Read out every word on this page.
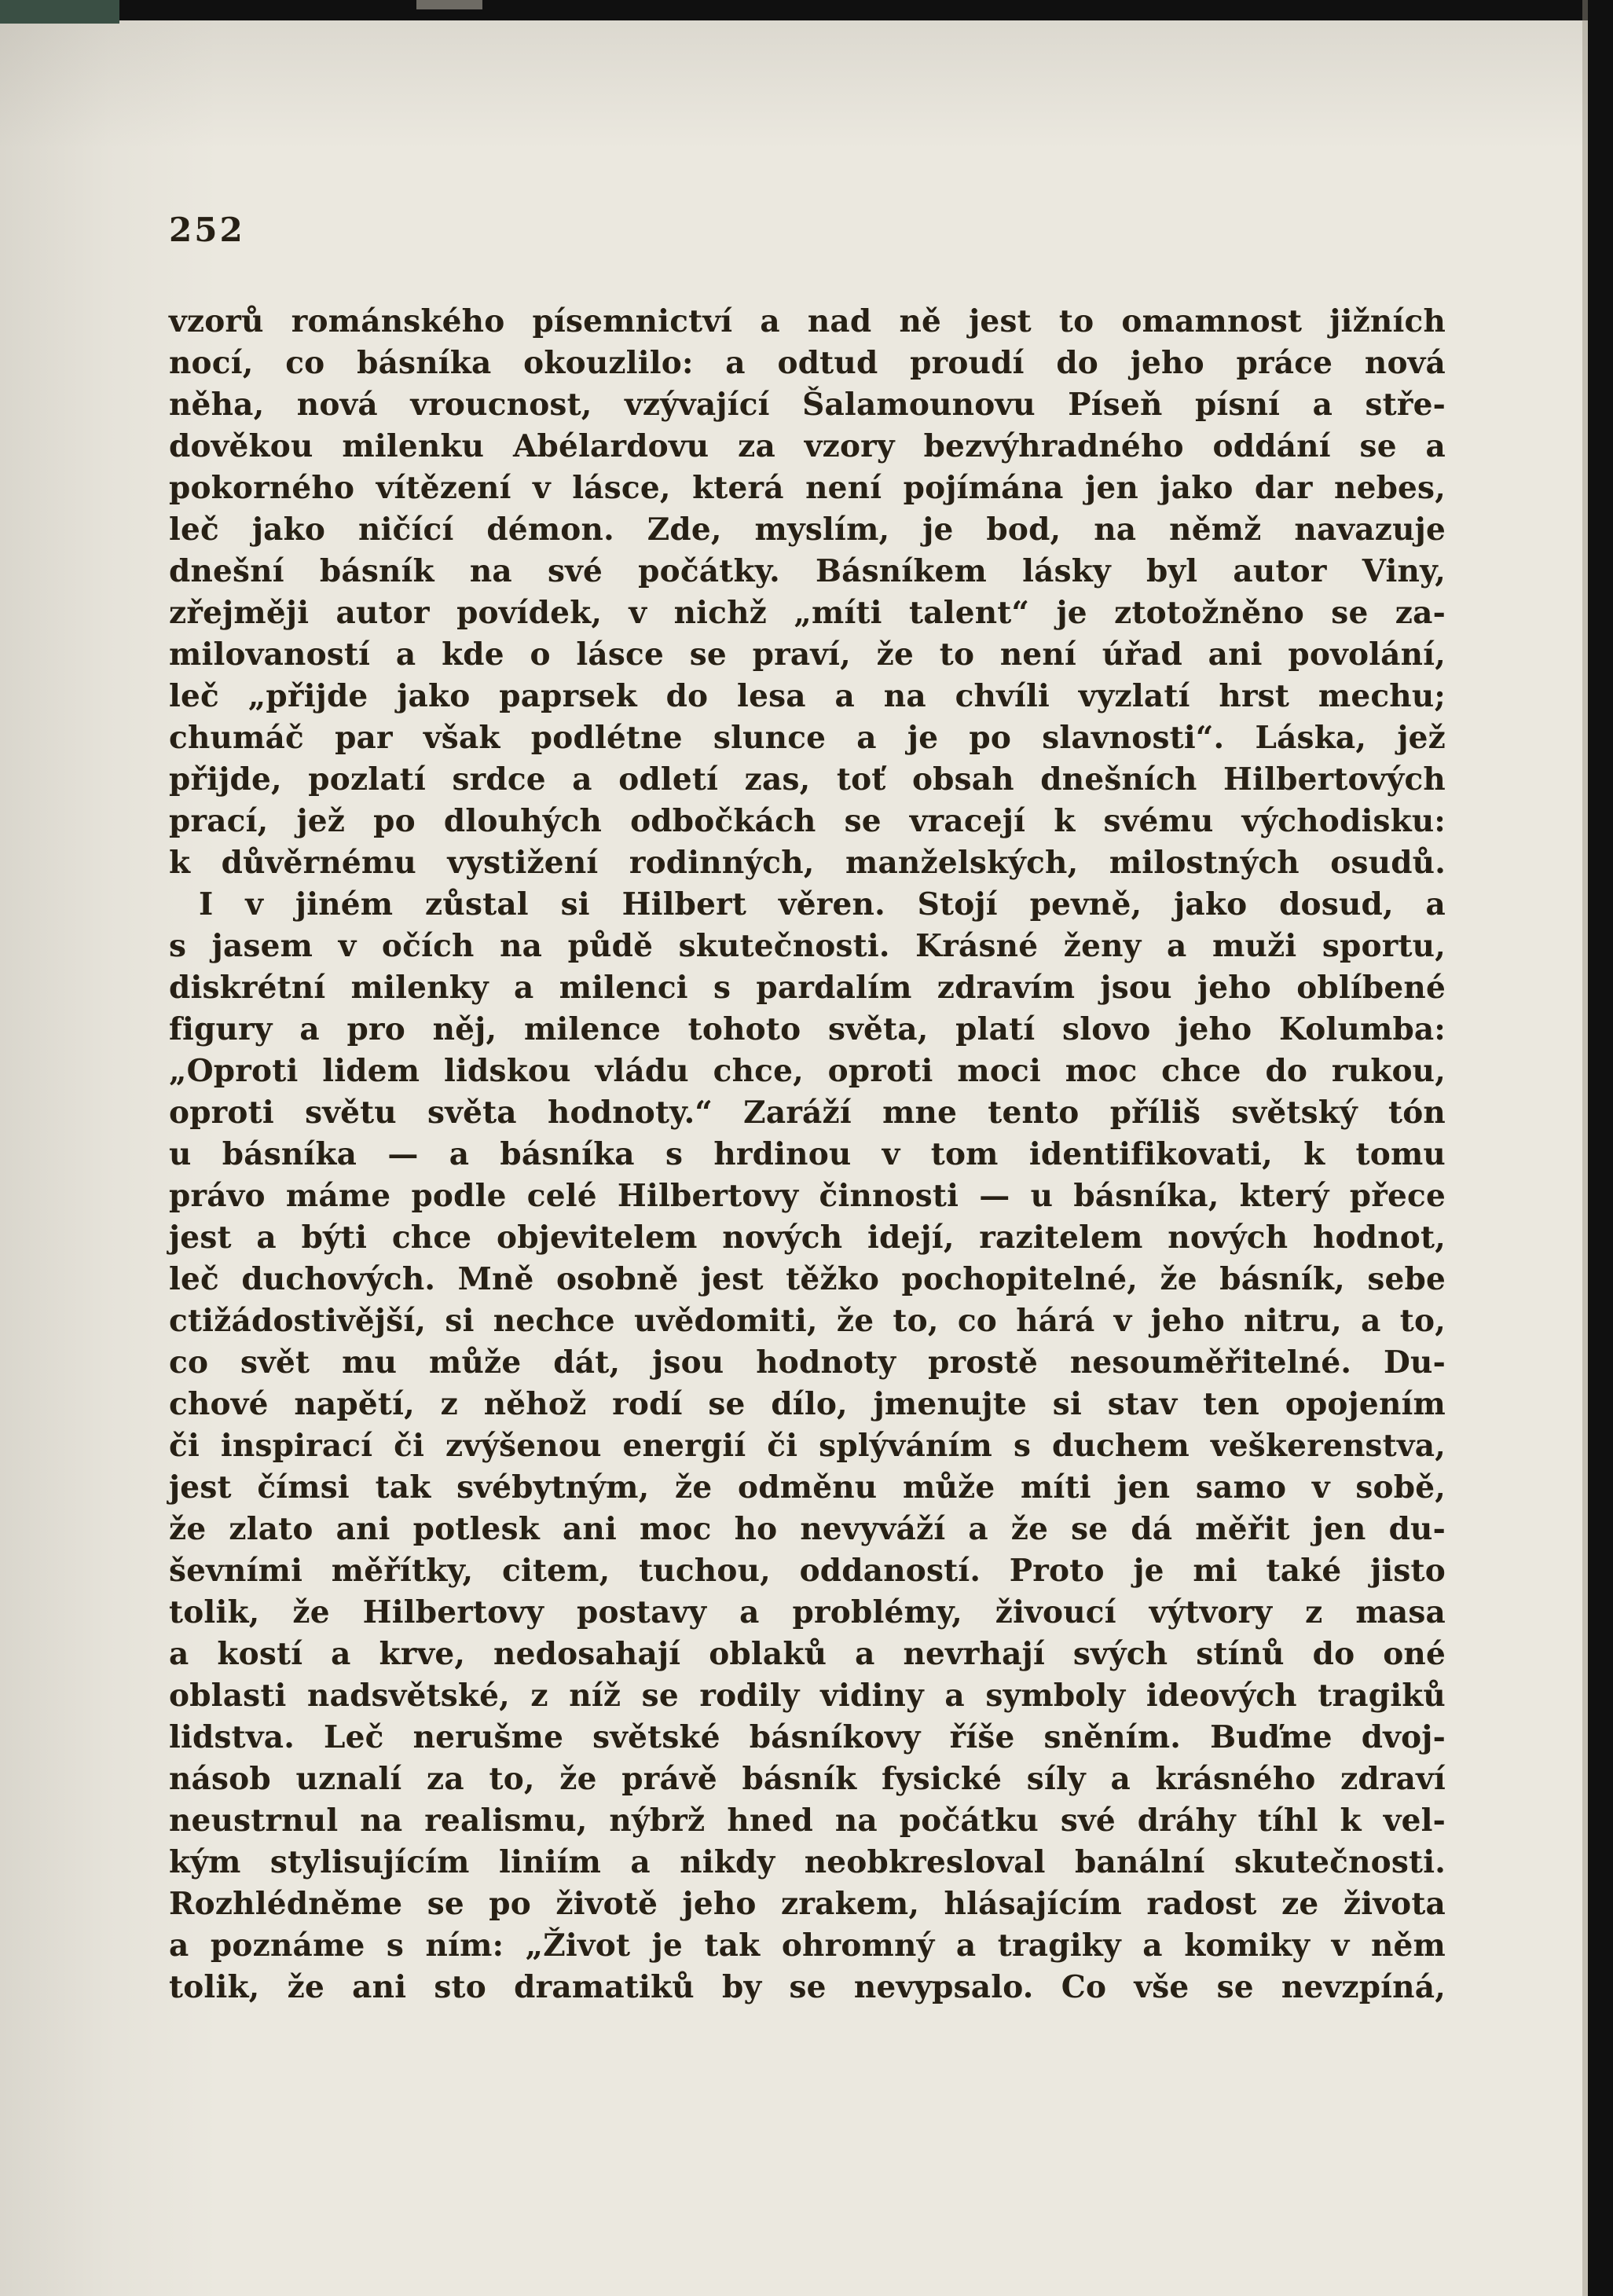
252
vzorů románského písemnictví a nad ně jest to omamnost jižních
nocí, co básníka okouzlilo: a odtud proudí do jeho práce nová
něha, nová vroucnost, vzývající Šalamounovu Píseň písní a stře-
dověkou milenku Abélardovu za vzory bezvýhradného oddání se a
pokorného vítězení v lásce, která není pojímána jen jako dar nebes,
leč jako ničící démon. Zde, myslím, je bod, na němž navazuje
dnešní básník na své počátky. Básníkem lásky byl autor Viny,
zřejměji autor povídek, v nichž „míti talent“ je ztotožněno se za-
milovaností a kde o lásce se praví, že to není úřad ani povolání,
leč „přijde jako paprsek do lesa a na chvíli vyzlatí hrst mechu;
chumáč par však podlétne slunce a je po slavnosti“. Láska, jež
přijde, pozlatí srdce a odletí zas, toť obsah dnešních Hilbertových
prací, jež po dlouhých odbočkách se vracejí k svému východisku:
k důvěrnému vystižení rodinných, manželských, milostných osudů.
I v jiném zůstal si Hilbert věren. Stojí pevně, jako dosud, a
s jasem v očích na půdě skutečnosti. Krásné ženy a muži sportu,
diskrétní milenky a milenci s pardalím zdravím jsou jeho oblíbené
figury a pro něj, milence tohoto světa, platí slovo jeho Kolumba:
„Oproti lidem lidskou vládu chce, oproti moci moc chce do rukou,
oproti světu světa hodnoty.“ Zaráží mne tento příliš světský tón
u básníka — a básníka s hrdinou v tom identifikovati, k tomu
právo máme podle celé Hilbertovy činnosti — u básníka, který přece
jest a býti chce objevitelem nových idejí, razitelem nových hodnot,
leč duchových. Mně osobně jest těžko pochopitelné, že básník, sebe
ctižádostivější, si nechce uvědomiti, že to, co hárá v jeho nitru, a to,
co svět mu může dát, jsou hodnoty prostě nesouměřitelné. Du-
chové napětí, z něhož rodí se dílo, jmenujte si stav ten opojením
či inspirací či zvýšenou energií či splýváním s duchem veškerenstva,
jest čímsi tak svébytným, že odměnu může míti jen samo v sobě,
že zlato ani potlesk ani moc ho nevyváží a že se dá měřit jen du-
ševními měřítky, citem, tuchou, oddaností. Proto je mi také jisto
tolik, že Hilbertovy postavy a problémy, živoucí výtvory z masa
a kostí a krve, nedosahají oblaků a nevrhají svých stínů do oné
oblasti nadsvětské, z níž se rodily vidiny a symboly ideových tragiků
lidstva. Leč nerušme světské básníkovy říše sněním. Buďme dvoj-
násob uznalí za to, že právě básník fysické síly a krásného zdraví
neustrnul na realismu, nýbrž hned na počátku své dráhy tíhl k vel-
kým stylisujícím liniím a nikdy neobkresloval banální skutečnosti.
Rozhlédněme se po životě jeho zrakem, hlásajícím radost ze života
a poznáme s ním: „Život je tak ohromný a tragiky a komiky v něm
tolik, že ani sto dramatiků by se nevypsalo. Co vše se nevzpíná,
